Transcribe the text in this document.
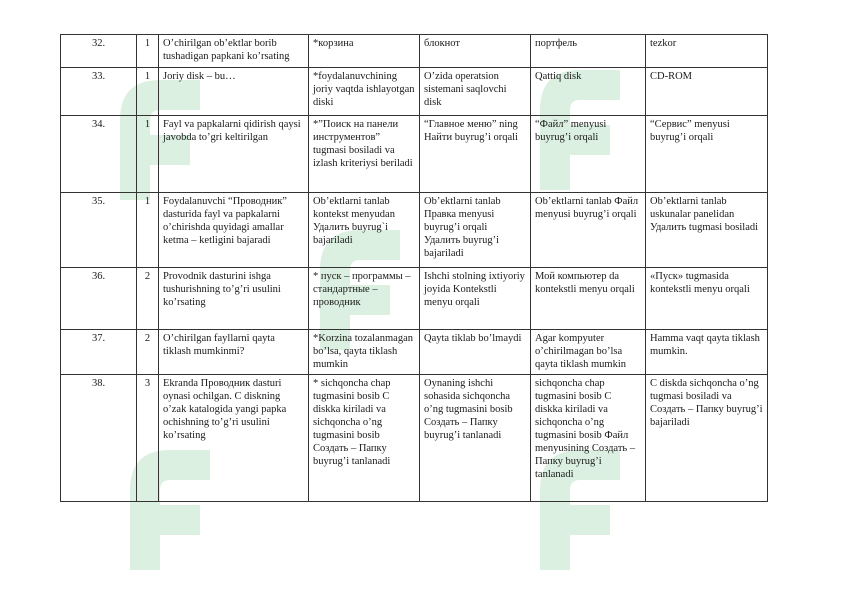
32.	1	O’chirilgan ob’ektlar borib tushadigan papkani ko’rsating	*корзина	блокнот	портфель	tezkor
33.	1	Joriy disk – bu…	*foydalanuvchining joriy vaqtda ishlayotgan diski	O’zida operatsion sistemani saqlovchi disk	Qattiq disk	CD-ROM
34.	1	Fayl va papkalarni qidirish qaysi javobda to’gri keltirilgan	*”Поиск на панели инструментов” tugmasi bosiladi va izlash kriteriysi beriladi	“Главное меню” ning Найти buyrug’i orqali	“Файл” menyusi buyrug’i orqali	“Сервис” menyusi buyrug’i orqali
35.	1	Foydalanuvchi “Проводник” dasturida fayl va papkalarni o’chirishda quyidagi amallar ketma – ketligini bajaradi	Ob’ektlarni tanlab kontekst menyudan Удалить buyrug`i bajariladi	Ob’ektlarni tanlab Правка menyusi buyrug’i orqali Удалить buyrug’i bajariladi	Ob’ektlarni tanlab Файл menyusi buyrug’i orqali	Ob’ektlarni tanlab uskunalar panelidan Удалить tugmasi bosiladi
36.	2	Provodnik dasturini ishga tushurishning to’g’ri usulini ko’rsating	* пуск – программы – стандартные – проводник	Ishchi stolning ixtiyoriy joyida Kontekstli menyu orqali	Мой компьютер da kontekstli menyu orqali	«Пуск» tugmasida kontekstli menyu orqali
37.	2	O’chirilgan fayllarni qayta tiklash mumkinmi?	*Korzina tozalanmagan bo’lsa, qayta tiklash mumkin	Qayta tiklab bo’lmaydi	Agar kompyuter o’chirilmagan bo’lsa qayta tiklash mumkin	Hamma vaqt qayta tiklash mumkin.
38.	3	Ekranda Проводник dasturi oynasi ochilgan. C diskning o’zak katalogida yangi papka ochishning to’g’ri usulini ko’rsating	* sichqoncha chap tugmasini bosib C diskka kiriladi va sichqoncha o’ng tugmasini bosib Создать – Папку buyrug’i tanlanadi	Oynaning ishchi sohasida sichqoncha o’ng tugmasini bosib Создать – Папку buyrug’i tanlanadi	sichqoncha chap tugmasini bosib C diskka kiriladi va sichqoncha o’ng tugmasini bosib Файл menyusining Создать – Папку buyrug’i tanlanadi	C diskda sichqoncha o’ng tugmasi bosiladi va Создать – Папку buyrug’i bajariladi
